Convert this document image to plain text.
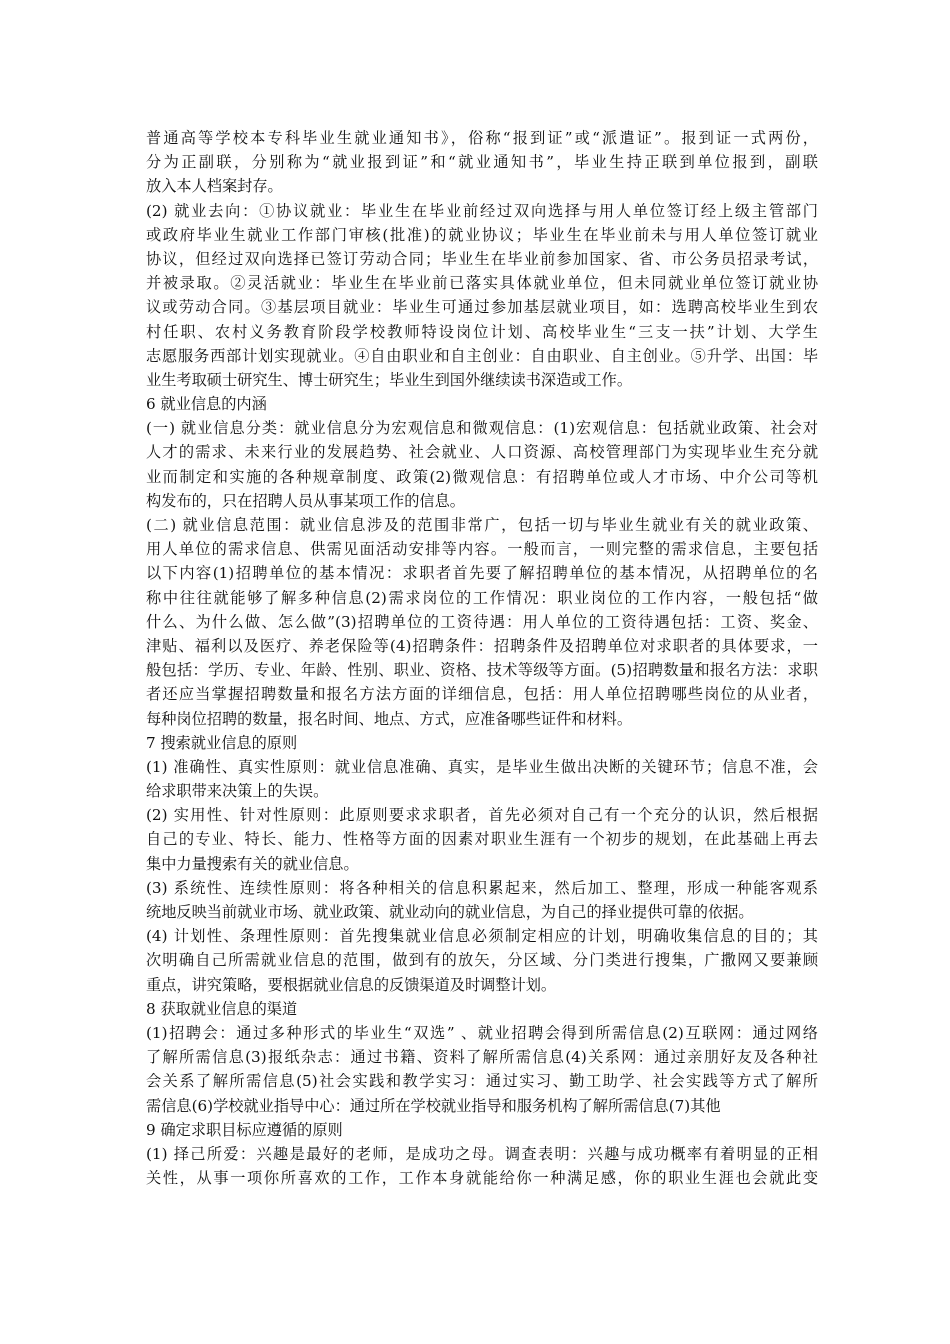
普通高等学校本专科毕业生就业通知书》，俗称“报到证”或“派遣证”。报到证一式两份，
分为正副联，分别称为“就业报到证”和“就业通知书”，毕业生持正联到单位报到，副联
放入本人档案封存。
(2) 就业去向：①协议就业：毕业生在毕业前经过双向选择与用人单位签订经上级主管部门
或政府毕业生就业工作部门审核(批准)的就业协议；毕业生在毕业前未与用人单位签订就业
协议，但经过双向选择已签订劳动合同；毕业生在毕业前参加国家、省、市公务员招录考试，
并被录取。②灵活就业：毕业生在毕业前已落实具体就业单位，但未同就业单位签订就业协
议或劳动合同。③基层项目就业：毕业生可通过参加基层就业项目，如：选聘高校毕业生到农
村任职、农村义务教育阶段学校教师特设岗位计划、高校毕业生“三支一扶”计划、大学生
志愿服务西部计划实现就业。④自由职业和自主创业：自由职业、自主创业。⑤升学、出国：毕
业生考取硕士研究生、博士研究生；毕业生到国外继续读书深造或工作。
6 就业信息的内涵
(一) 就业信息分类：就业信息分为宏观信息和微观信息：(1)宏观信息：包括就业政策、社会对
人才的需求、未来行业的发展趋势、社会就业、人口资源、高校管理部门为实现毕业生充分就
业而制定和实施的各种规章制度、政策(2)微观信息：有招聘单位或人才市场、中介公司等机
构发布的，只在招聘人员从事某项工作的信息。
(二) 就业信息范围：就业信息涉及的范围非常广，包括一切与毕业生就业有关的就业政策、
用人单位的需求信息、供需见面活动安排等内容。一般而言，一则完整的需求信息，主要包括
以下内容(1)招聘单位的基本情况：求职者首先要了解招聘单位的基本情况，从招聘单位的名
称中往往就能够了解多种信息(2)需求岗位的工作情况：职业岗位的工作内容，一般包括“做
什么、为什么做、怎么做”(3)招聘单位的工资待遇：用人单位的工资待遇包括：工资、奖金、
津贴、福利以及医疗、养老保险等(4)招聘条件：招聘条件及招聘单位对求职者的具体要求，一
般包括：学历、专业、年龄、性别、职业、资格、技术等级等方面。(5)招聘数量和报名方法：求职
者还应当掌握招聘数量和报名方法方面的详细信息，包括：用人单位招聘哪些岗位的从业者，
每种岗位招聘的数量，报名时间、地点、方式，应准备哪些证件和材料。
7 搜索就业信息的原则
(1) 准确性、真实性原则：就业信息准确、真实，是毕业生做出决断的关键环节；信息不准，会
给求职带来决策上的失误。
(2) 实用性、针对性原则：此原则要求求职者，首先必须对自己有一个充分的认识，然后根据
自己的专业、特长、能力、性格等方面的因素对职业生涯有一个初步的规划，在此基础上再去
集中力量搜索有关的就业信息。
(3) 系统性、连续性原则：将各种相关的信息积累起来，然后加工、整理，形成一种能客观系
统地反映当前就业市场、就业政策、就业动向的就业信息，为自己的择业提供可靠的依据。
(4) 计划性、条理性原则：首先搜集就业信息必须制定相应的计划，明确收集信息的目的；其
次明确自己所需就业信息的范围，做到有的放矢，分区域、分门类进行搜集，广撒网又要兼顾
重点，讲究策略，要根据就业信息的反馈渠道及时调整计划。
8 获取就业信息的渠道
(1)招聘会：通过多种形式的毕业生“双选” 、就业招聘会得到所需信息(2)互联网：通过网络
了解所需信息(3)报纸杂志：通过书籍、资料了解所需信息(4)关系网：通过亲朋好友及各种社
会关系了解所需信息(5)社会实践和教学实习：通过实习、勤工助学、社会实践等方式了解所
需信息(6)学校就业指导中心：通过所在学校就业指导和服务机构了解所需信息(7)其他
9 确定求职目标应遵循的原则
(1) 择己所爱：兴趣是最好的老师，是成功之母。调查表明：兴趣与成功概率有着明显的正相
关性，从事一项你所喜欢的工作，工作本身就能给你一种满足感，你的职业生涯也会就此变
